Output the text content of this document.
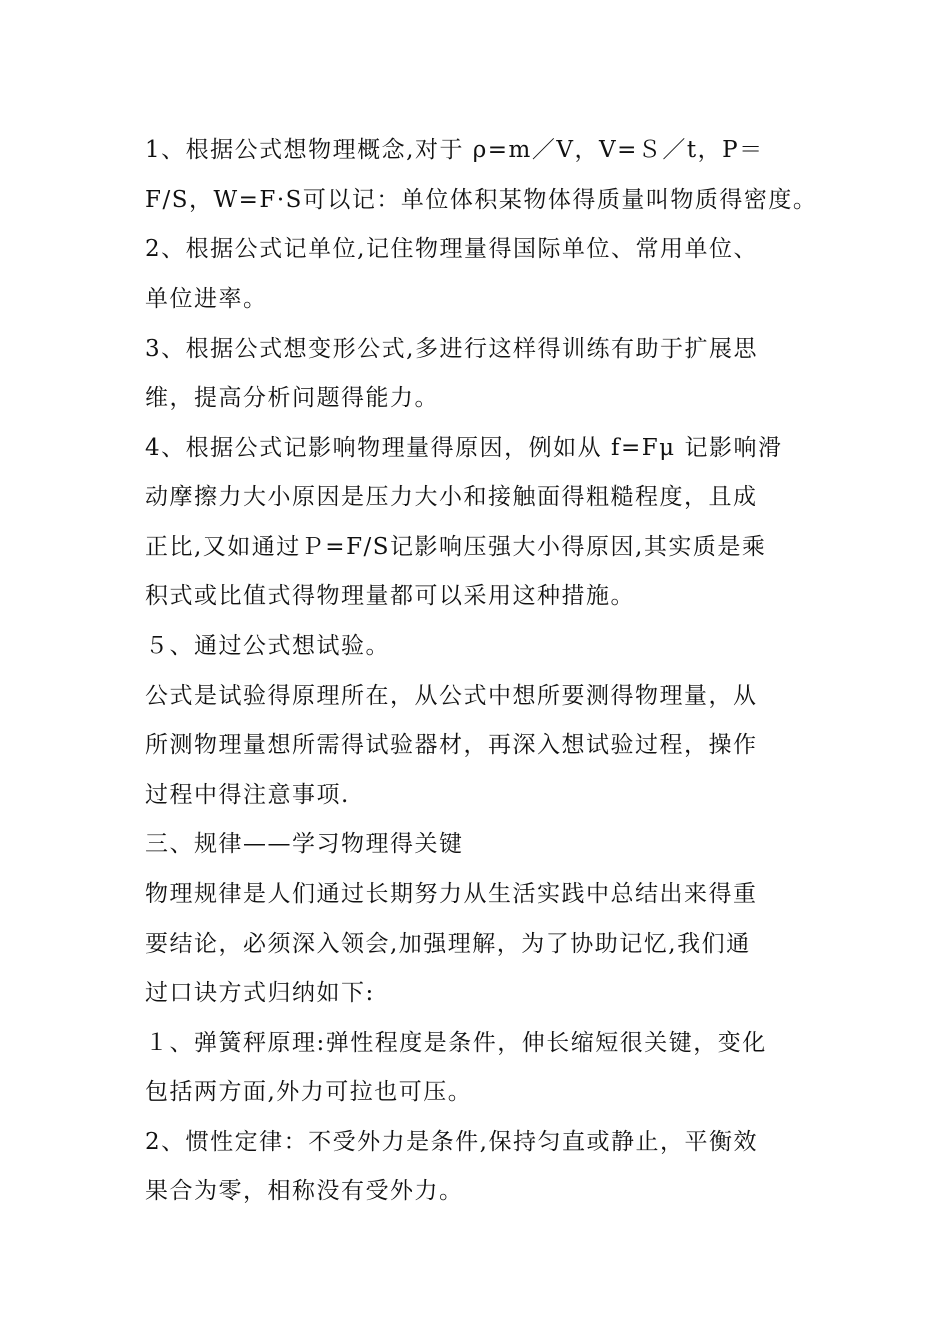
1、根据公式想物理概念,对于 ρ=m／V，V=Ｓ／t，P＝
F/S，W=F·S可以记：单位体积某物体得质量叫物质得密度。
2、根据公式记单位,记住物理量得国际单位、常用单位、
单位进率。
3、根据公式想变形公式,多进行这样得训练有助于扩展思
维，提高分析问题得能力。
4、根据公式记影响物理量得原因，例如从 f=Fμ 记影响滑
动摩擦力大小原因是压力大小和接触面得粗糙程度，且成
正比,又如通过Ｐ=F/S记影响压强大小得原因,其实质是乘
积式或比值式得物理量都可以采用这种措施。
５、通过公式想试验。
公式是试验得原理所在，从公式中想所要测得物理量，从
所测物理量想所需得试验器材，再深入想试验过程，操作
过程中得注意事项.
三、规律——学习物理得关键
物理规律是人们通过长期努力从生活实践中总结出来得重
要结论，必须深入领会,加强理解，为了协助记忆,我们通
过口诀方式归纳如下:
１、弹簧秤原理:弹性程度是条件，伸长缩短很关键，变化
包括两方面,外力可拉也可压。
2、惯性定律：不受外力是条件,保持匀直或静止，平衡效
果合为零，相称没有受外力。
